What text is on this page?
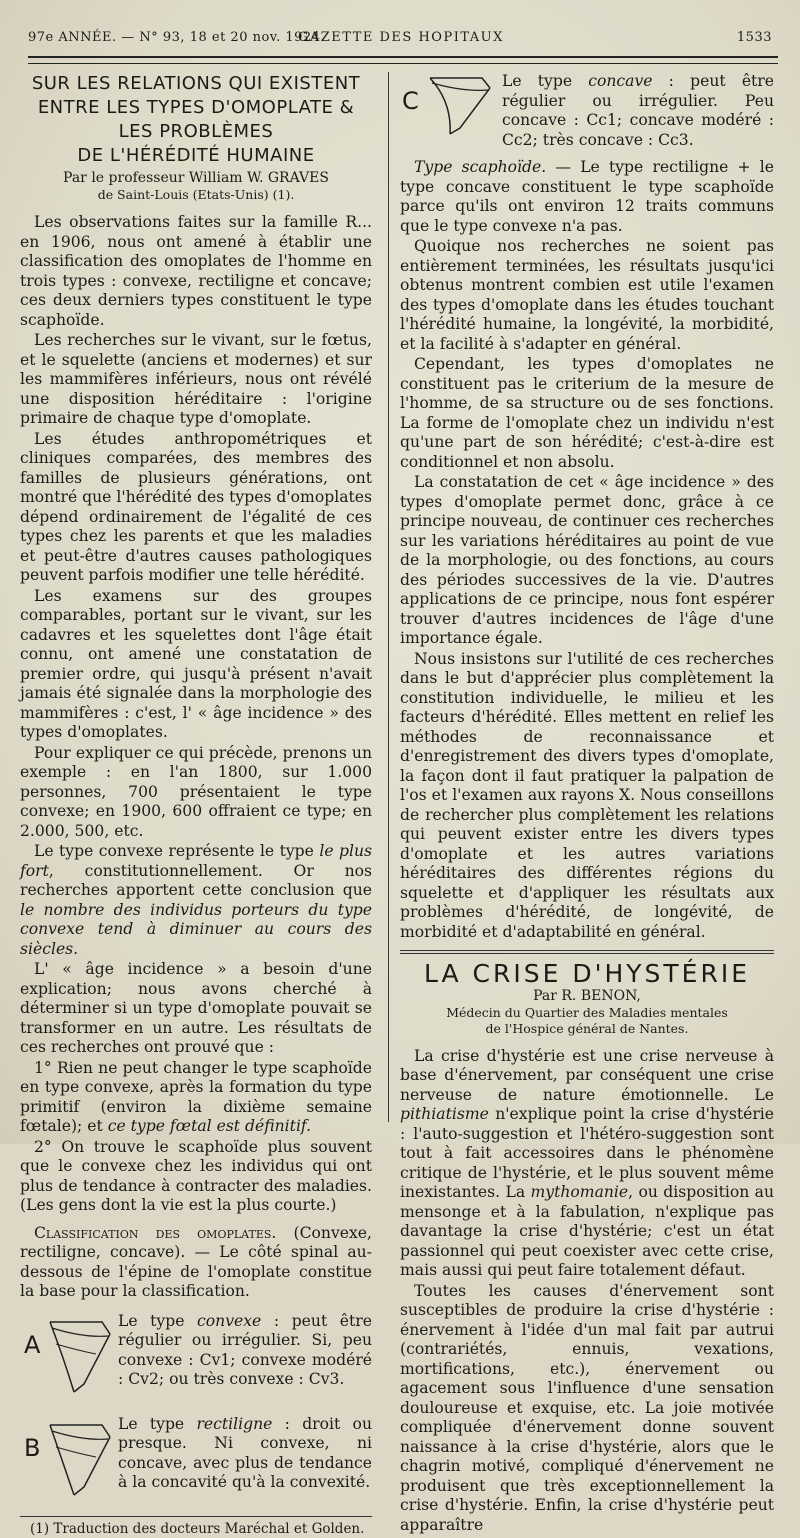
97e ANNÉE. — N° 93, 18 et 20 nov. 1924.
GAZETTE DES HOPITAUX	1533
SUR LES RELATIONS QUI EXISTENT
ENTRE LES TYPES D'OMOPLATE & LES PROBLÈMES
DE L'HÉRÉDITÉ HUMAINE
Par le professeur William W. GRAVES
de Saint-Louis (Etats-Unis) (1).

Les observations faites sur la famille R... en 1906, nous ont amené à établir une classification des omoplates de l'homme en trois types : convexe, rectiligne et concave; ces deux derniers types constituent le type scaphoïde.

Les recherches sur le vivant, sur le fœtus, et le squelette (anciens et modernes) et sur les mammifères inférieurs, nous ont révélé une disposition héréditaire : l'origine primaire de chaque type d'omoplate.

Les études anthropométriques et cliniques comparées, des membres des familles de plusieurs générations, ont montré que l'hérédité des types d'omoplates dépend ordinairement de l'égalité de ces types chez les parents et que les maladies et peut-être d'autres causes pathologiques peuvent parfois modifier une telle hérédité.

Les examens sur des groupes comparables, portant sur le vivant, sur les cadavres et les squelettes dont l'âge était connu, ont amené une constatation de premier ordre, qui jusqu'à présent n'avait jamais été signalée dans la morphologie des mammifères : c'est, l' « âge incidence » des types d'omoplates.

Pour expliquer ce qui précède, prenons un exemple : en l'an 1800, sur 1.000 personnes, 700 présentaient le type convexe; en 1900, 600 offraient ce type; en 2.000, 500, etc.

Le type convexe représente le type le plus fort, constitutionnellement. Or nos recherches apportent cette conclusion que le nombre des individus porteurs du type convexe tend à diminuer au cours des siècles.

L' « âge incidence » a besoin d'une explication; nous avons cherché à déterminer si un type d'omoplate pouvait se transformer en un autre. Les résultats de ces recherches ont prouvé que :

1° Rien ne peut changer le type scaphoïde en type convexe, après la formation du type primitif (environ la dixième semaine fœtale); et ce type fœtal est définitif.

2° On trouve le scaphoïde plus souvent que le convexe chez les individus qui ont plus de tendance à contracter des maladies. (Les gens dont la vie est la plus courte.)

Classification des omoplates. (Convexe, rectiligne, concave). — Le côté spinal au-dessous de l'épine de l'omoplate constitue la base pour la classification.

A
Le type convexe : peut être régulier ou irrégulier. Si, peu convexe : Cv1; convexe modéré : Cv2; ou très convexe : Cv3.
B
Le type rectiligne : droit ou presque. Ni convexe, ni concave, avec plus de tendance à la concavité qu'à la convexité.
(1) Traduction des docteurs Maréchal et Golden.
C
Le type concave : peut être régulier ou irrégulier. Peu concave : Cc1; concave modéré : Cc2; très concave : Cc3.

Type scaphoïde. — Le type rectiligne + le type concave constituent le type scaphoïde parce qu'ils ont environ 12 traits communs que le type convexe n'a pas.

Quoique nos recherches ne soient pas entièrement terminées, les résultats jusqu'ici obtenus montrent combien est utile l'examen des types d'omoplate dans les études touchant l'hérédité humaine, la longévité, la morbidité, et la facilité à s'adapter en général.

Cependant, les types d'omoplates ne constituent pas le criterium de la mesure de l'homme, de sa structure ou de ses fonctions. La forme de l'omoplate chez un individu n'est qu'une part de son hérédité; c'est-à-dire est conditionnel et non absolu.

La constatation de cet « âge incidence » des types d'omoplate permet donc, grâce à ce principe nouveau, de continuer ces recherches sur les variations héréditaires au point de vue de la morphologie, ou des fonctions, au cours des périodes successives de la vie. D'autres applications de ce principe, nous font espérer trouver d'autres incidences de l'âge d'une importance égale.

Nous insistons sur l'utilité de ces recherches dans le but d'apprécier plus complètement la constitution individuelle, le milieu et les facteurs d'hérédité. Elles mettent en relief les méthodes de reconnaissance et d'enregistrement des divers types d'omoplate, la façon dont il faut pratiquer la palpation de l'os et l'examen aux rayons X. Nous conseillons de rechercher plus complètement les relations qui peuvent exister entre les divers types d'omoplate et les autres variations héréditaires des différentes régions du squelette et d'appliquer les résultats aux problèmes d'hérédité, de longévité, de morbidité et d'adaptabilité en général.

LA CRISE D'HYSTÉRIE
Par R. BENON,
Médecin du Quartier des Maladies mentales
de l'Hospice général de Nantes.

La crise d'hystérie est une crise nerveuse à base d'énervement, par conséquent une crise nerveuse de nature émotionnelle. Le pithiatisme n'explique point la crise d'hystérie : l'auto-suggestion et l'hétéro-suggestion sont tout à fait accessoires dans le phénomène critique de l'hystérie, et le plus souvent même inexistantes. La mythomanie, ou disposition au mensonge et à la fabulation, n'explique pas davantage la crise d'hystérie; c'est un état passionnel qui peut coexister avec cette crise, mais aussi qui peut faire totalement défaut.

Toutes les causes d'énervement sont susceptibles de produire la crise d'hystérie : énervement à l'idée d'un mal fait par autrui (contrariétés, ennuis, vexations, mortifications, etc.), énervement ou agacement sous l'influence d'une sensation douloureuse et exquise, etc. La joie motivée compliquée d'énervement donne souvent naissance à la crise d'hystérie, alors que le chagrin motivé, compliqué d'énervement ne produisent que très exceptionnellement la crise d'hystérie. Enfin, la crise d'hystérie peut apparaître
